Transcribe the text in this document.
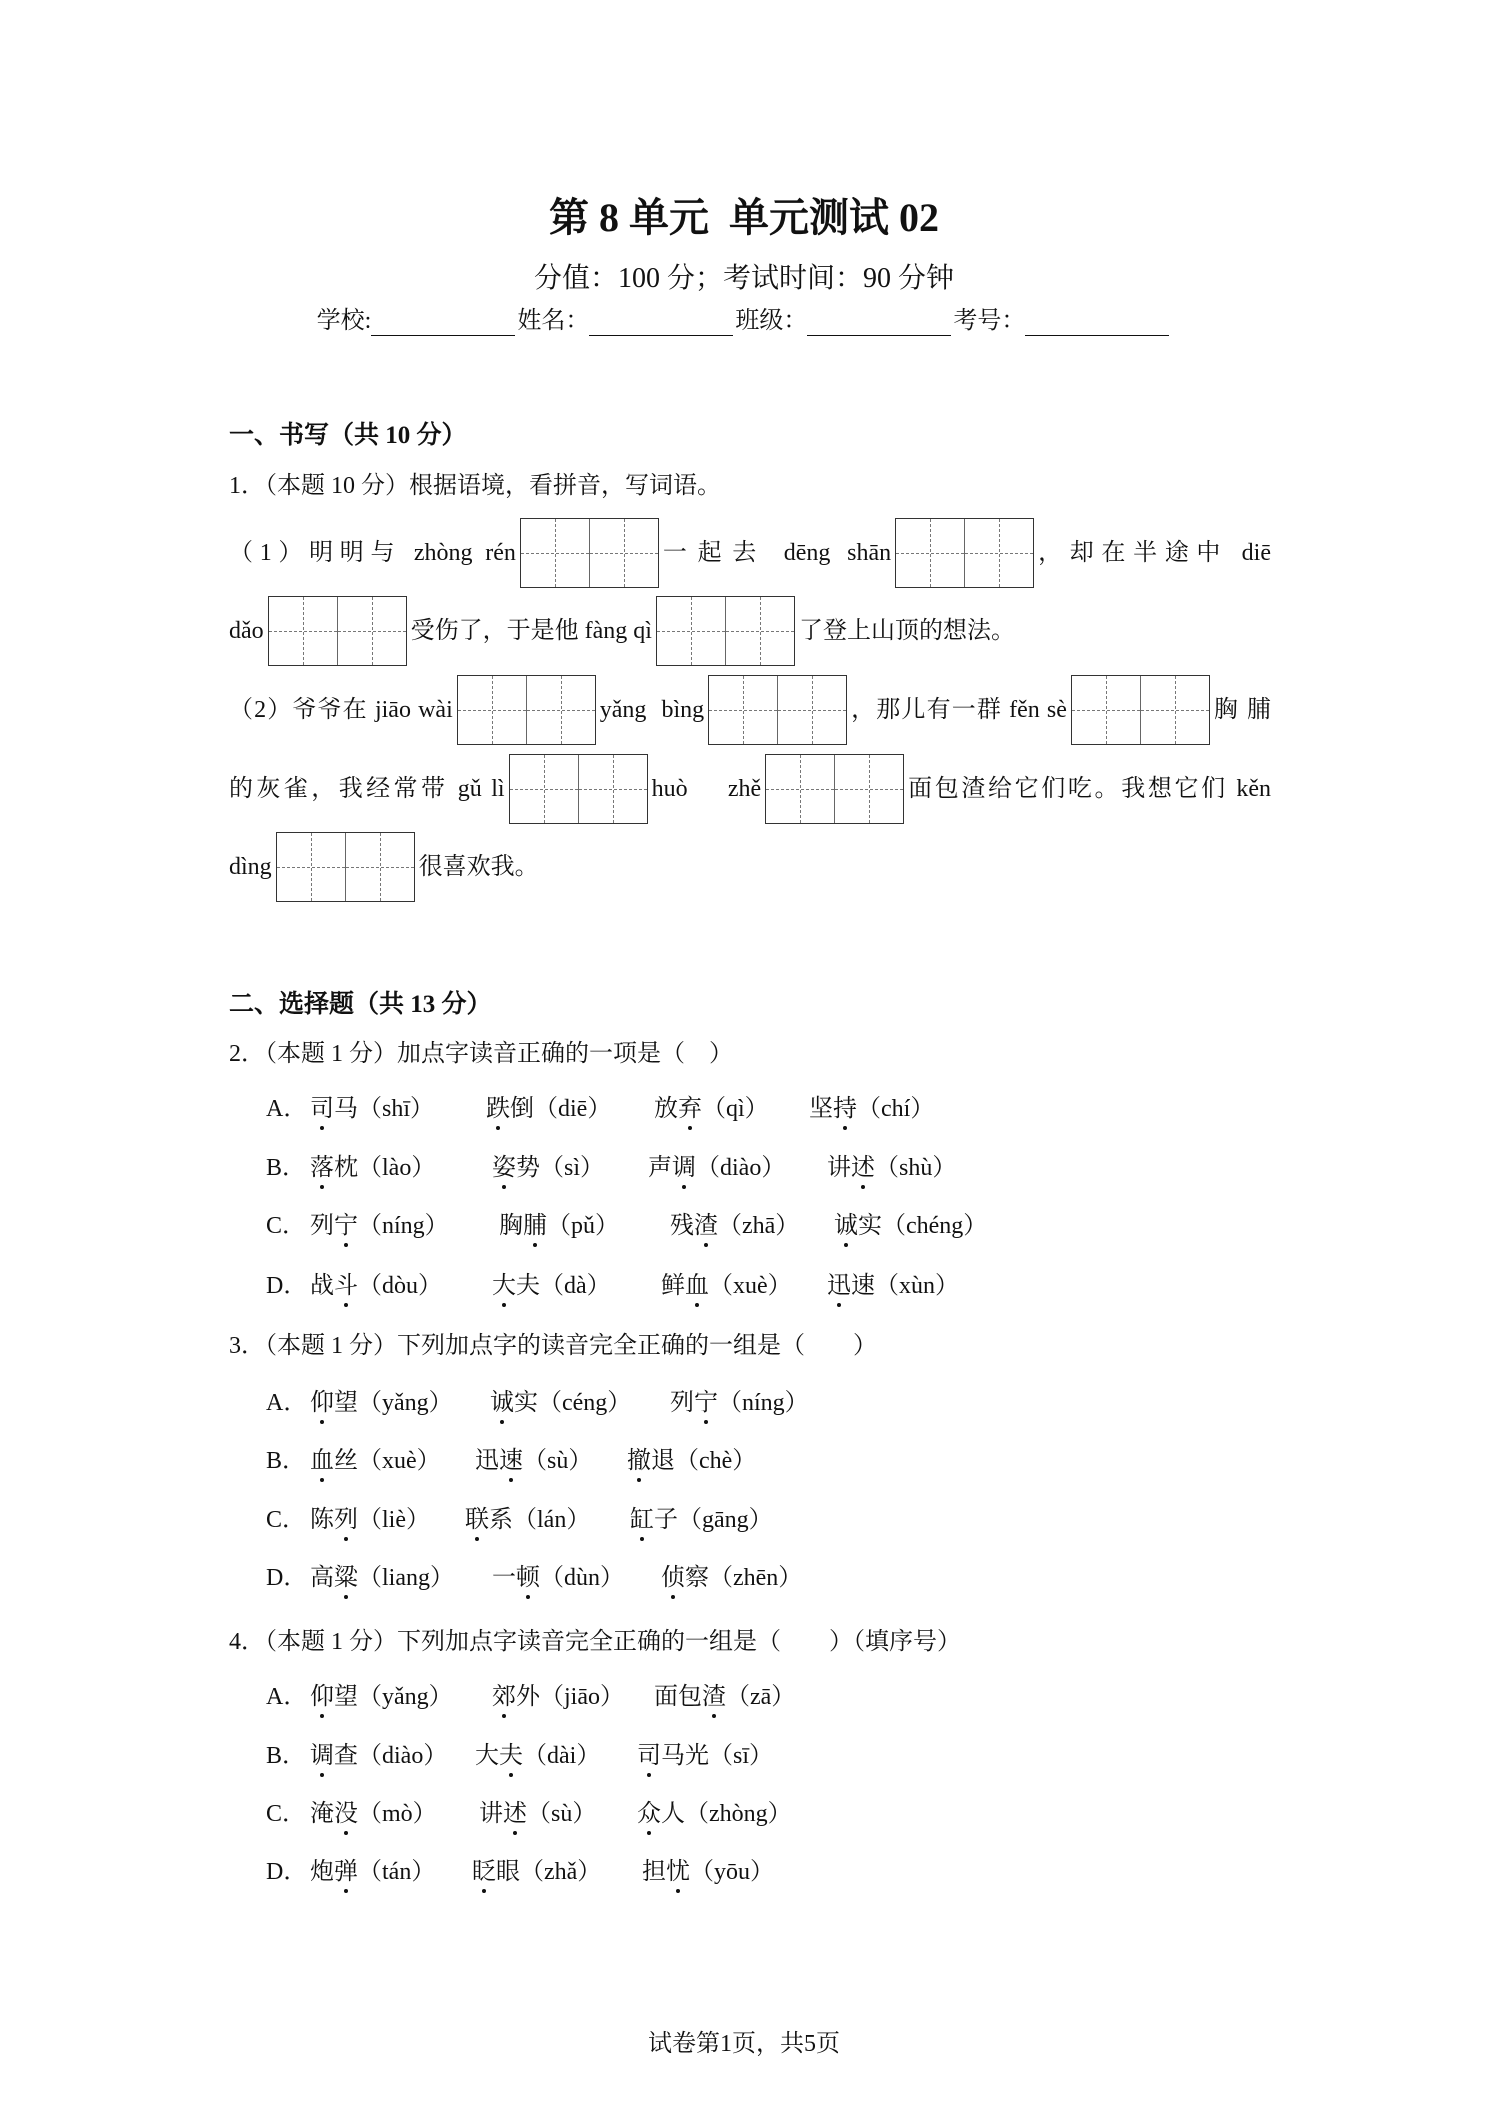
第 8 单元  单元测试 02
分值：100 分；考试时间：90 分钟
学校:	姓名：	班级：	考号：
一、书写（共 10 分）
1．（本题 10 分）根据语境，看拼音，写词语。
（1）明明与 zhòng rén	一起去 dēng shān	，却在半途中 diē
dǎo	受伤了，于是他 fàng qì	了登上山顶的想法。
（2）爷爷在 jiāo wài	yǎng bìng	，那儿有一群 fěn sè	胸脯
的灰雀，我经常带 gǔ lì	huò zhě	面包渣给它们吃。我想它们 kěn
dìng	很喜欢我。
二、选择题（共 13 分）
2．（本题 1 分）加点字读音正确的一项是（    ）
3．（本题 1 分）下列加点字的读音完全正确的一组是（        ）
4．（本题 1 分）下列加点字读音完全正确的一组是（        ）（填序号）
试卷第1页，共5页
A． 司马（shī） 跌倒（diē） 放弃（qì） 坚持（chí）
B． 落枕（lào） 姿势（sì） 声调（diào） 讲述（shù）
C． 列宁（níng） 胸脯（pǔ） 残渣（zhā） 诚实（chéng）
D． 战斗（dòu） 大夫（dà） 鲜血（xuè） 迅速（xùn）
A． 仰望（yǎng） 诚实（céng） 列宁（níng）
B． 血丝（xuè） 迅速（sù） 撤退（chè）
C． 陈列（liè） 联系（lán） 缸子（gāng）
D． 高粱（liang） 一顿（dùn） 侦察（zhēn）
A． 仰望（yǎng） 郊外（jiāo） 面包渣（zā）
B． 调查（diào） 大夫（dài） 司马光（sī）
C． 淹没（mò） 讲述（sù） 众人（zhòng）
D． 炮弹（tán） 眨眼（zhǎ） 担忧（yōu）
